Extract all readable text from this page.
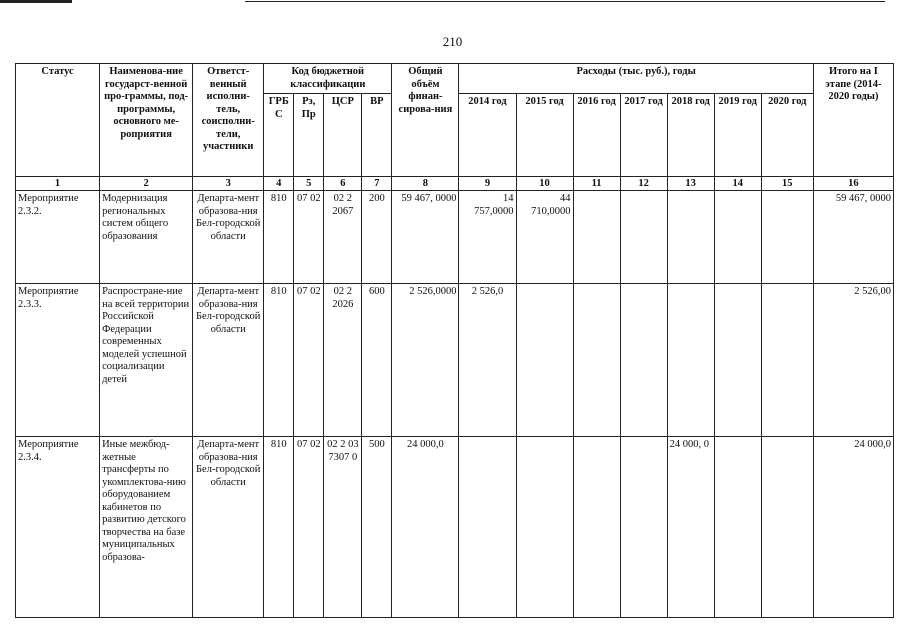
210
Статус	Наименова-ние государст-венной про-граммы, под-программы, основного ме-роприятия	Ответст-венный исполни-тель, соисполни-тели, участники	Код бюджетной классификации				Общий объём финан-сирова-ния	Расходы (тыс. руб.), годы							Итого на I этапе (2014-2020 годы)
			ГРБ С	Рз, Пр	ЦСР	ВР		2014 год	2015 год	2016 год	2017 год	2018 год	2019 год	2020 год	
1	2	3	4	5	6	7	8	9	10	11	12	13	14	15	16
Мероприятие 2.3.2.	Модернизация региональных систем общего образования	Департа-мент образова-ния Бел-городской области	810	07 02	02 2 2067	200	59 467, 0000	14 757,0000	44 710,0000						59 467, 0000
Мероприятие 2.3.3.	Распростране-ние на всей территории Российской Федерации современных моделей успешной социализации детей	Департа-мент образова-ния Бел-городской области	810	07 02	02 2 2026	600	2 526,0000	2 526,0							2 526,00
Мероприятие 2.3.4.	Иные межбюд-жетные трансферты по укомплектова-нию оборудованием кабинетов по развитию детского творчества на базе муниципальных образова-	Департа-мент образова-ния Бел-городской области	810	07 02	02 2 03 7307 0	500	24 000,0					24 000, 0			24 000,0
